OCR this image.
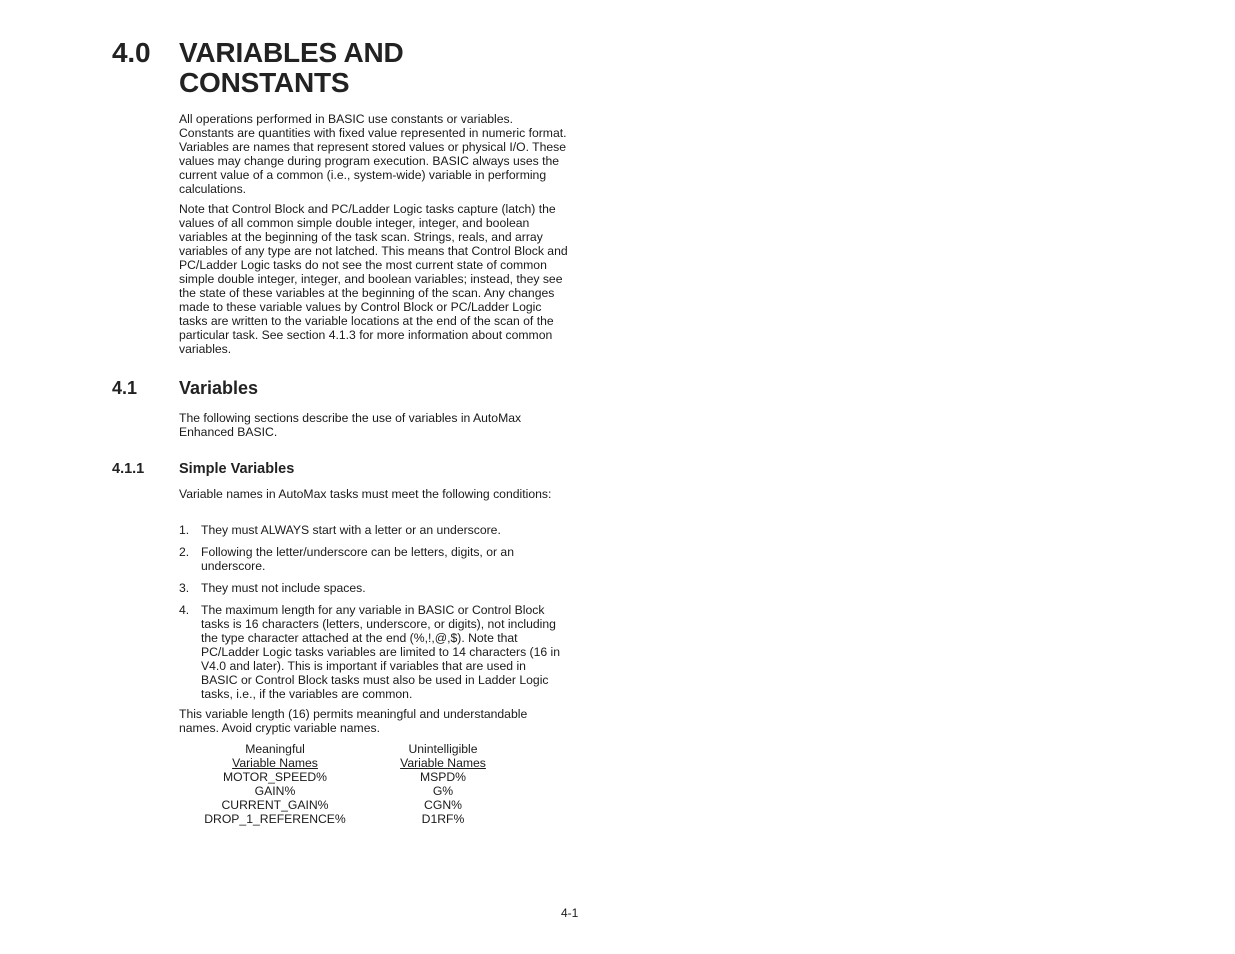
4.0 VARIABLES AND CONSTANTS

All operations performed in BASIC use constants or variables. Constants are quantities with fixed value represented in numeric format. Variables are names that represent stored values or physical I/O. These values may change during program execution. BASIC always uses the current value of a common (i.e., system-wide) variable in performing calculations.

Note that Control Block and PC/Ladder Logic tasks capture (latch) the values of all common simple double integer, integer, and boolean variables at the beginning of the task scan. Strings, reals, and array variables of any type are not latched. This means that Control Block and PC/Ladder Logic tasks do not see the most current state of common simple double integer, integer, and boolean variables; instead, they see the state of these variables at the beginning of the scan. Any changes made to these variable values by Control Block or PC/Ladder Logic tasks are written to the variable locations at the end of the scan of the particular task. See section 4.1.3 for more information about common variables.

4.1 Variables

The following sections describe the use of variables in AutoMax Enhanced BASIC.

4.1.1 Simple Variables

Variable names in AutoMax tasks must meet the following conditions:

1. They must ALWAYS start with a letter or an underscore.
2. Following the letter/underscore can be letters, digits, or an underscore.
3. They must not include spaces.
4. The maximum length for any variable in BASIC or Control Block tasks is 16 characters (letters, underscore, or digits), not including the type character attached at the end (%,!,@,$). Note that PC/Ladder Logic tasks variables are limited to 14 characters (16 in V4.0 and later). This is important if variables that are used in BASIC or Control Block tasks must also be used in Ladder Logic tasks, i.e., if the variables are common.

This variable length (16) permits meaningful and understandable names. Avoid cryptic variable names.

Meaningful
Variable Names
MOTOR_SPEED%
GAIN%
CURRENT_GAIN%
DROP_1_REFERENCE%
Unintelligible
Variable Names
MSPD%
G%
CGN%
D1RF%
4-1
